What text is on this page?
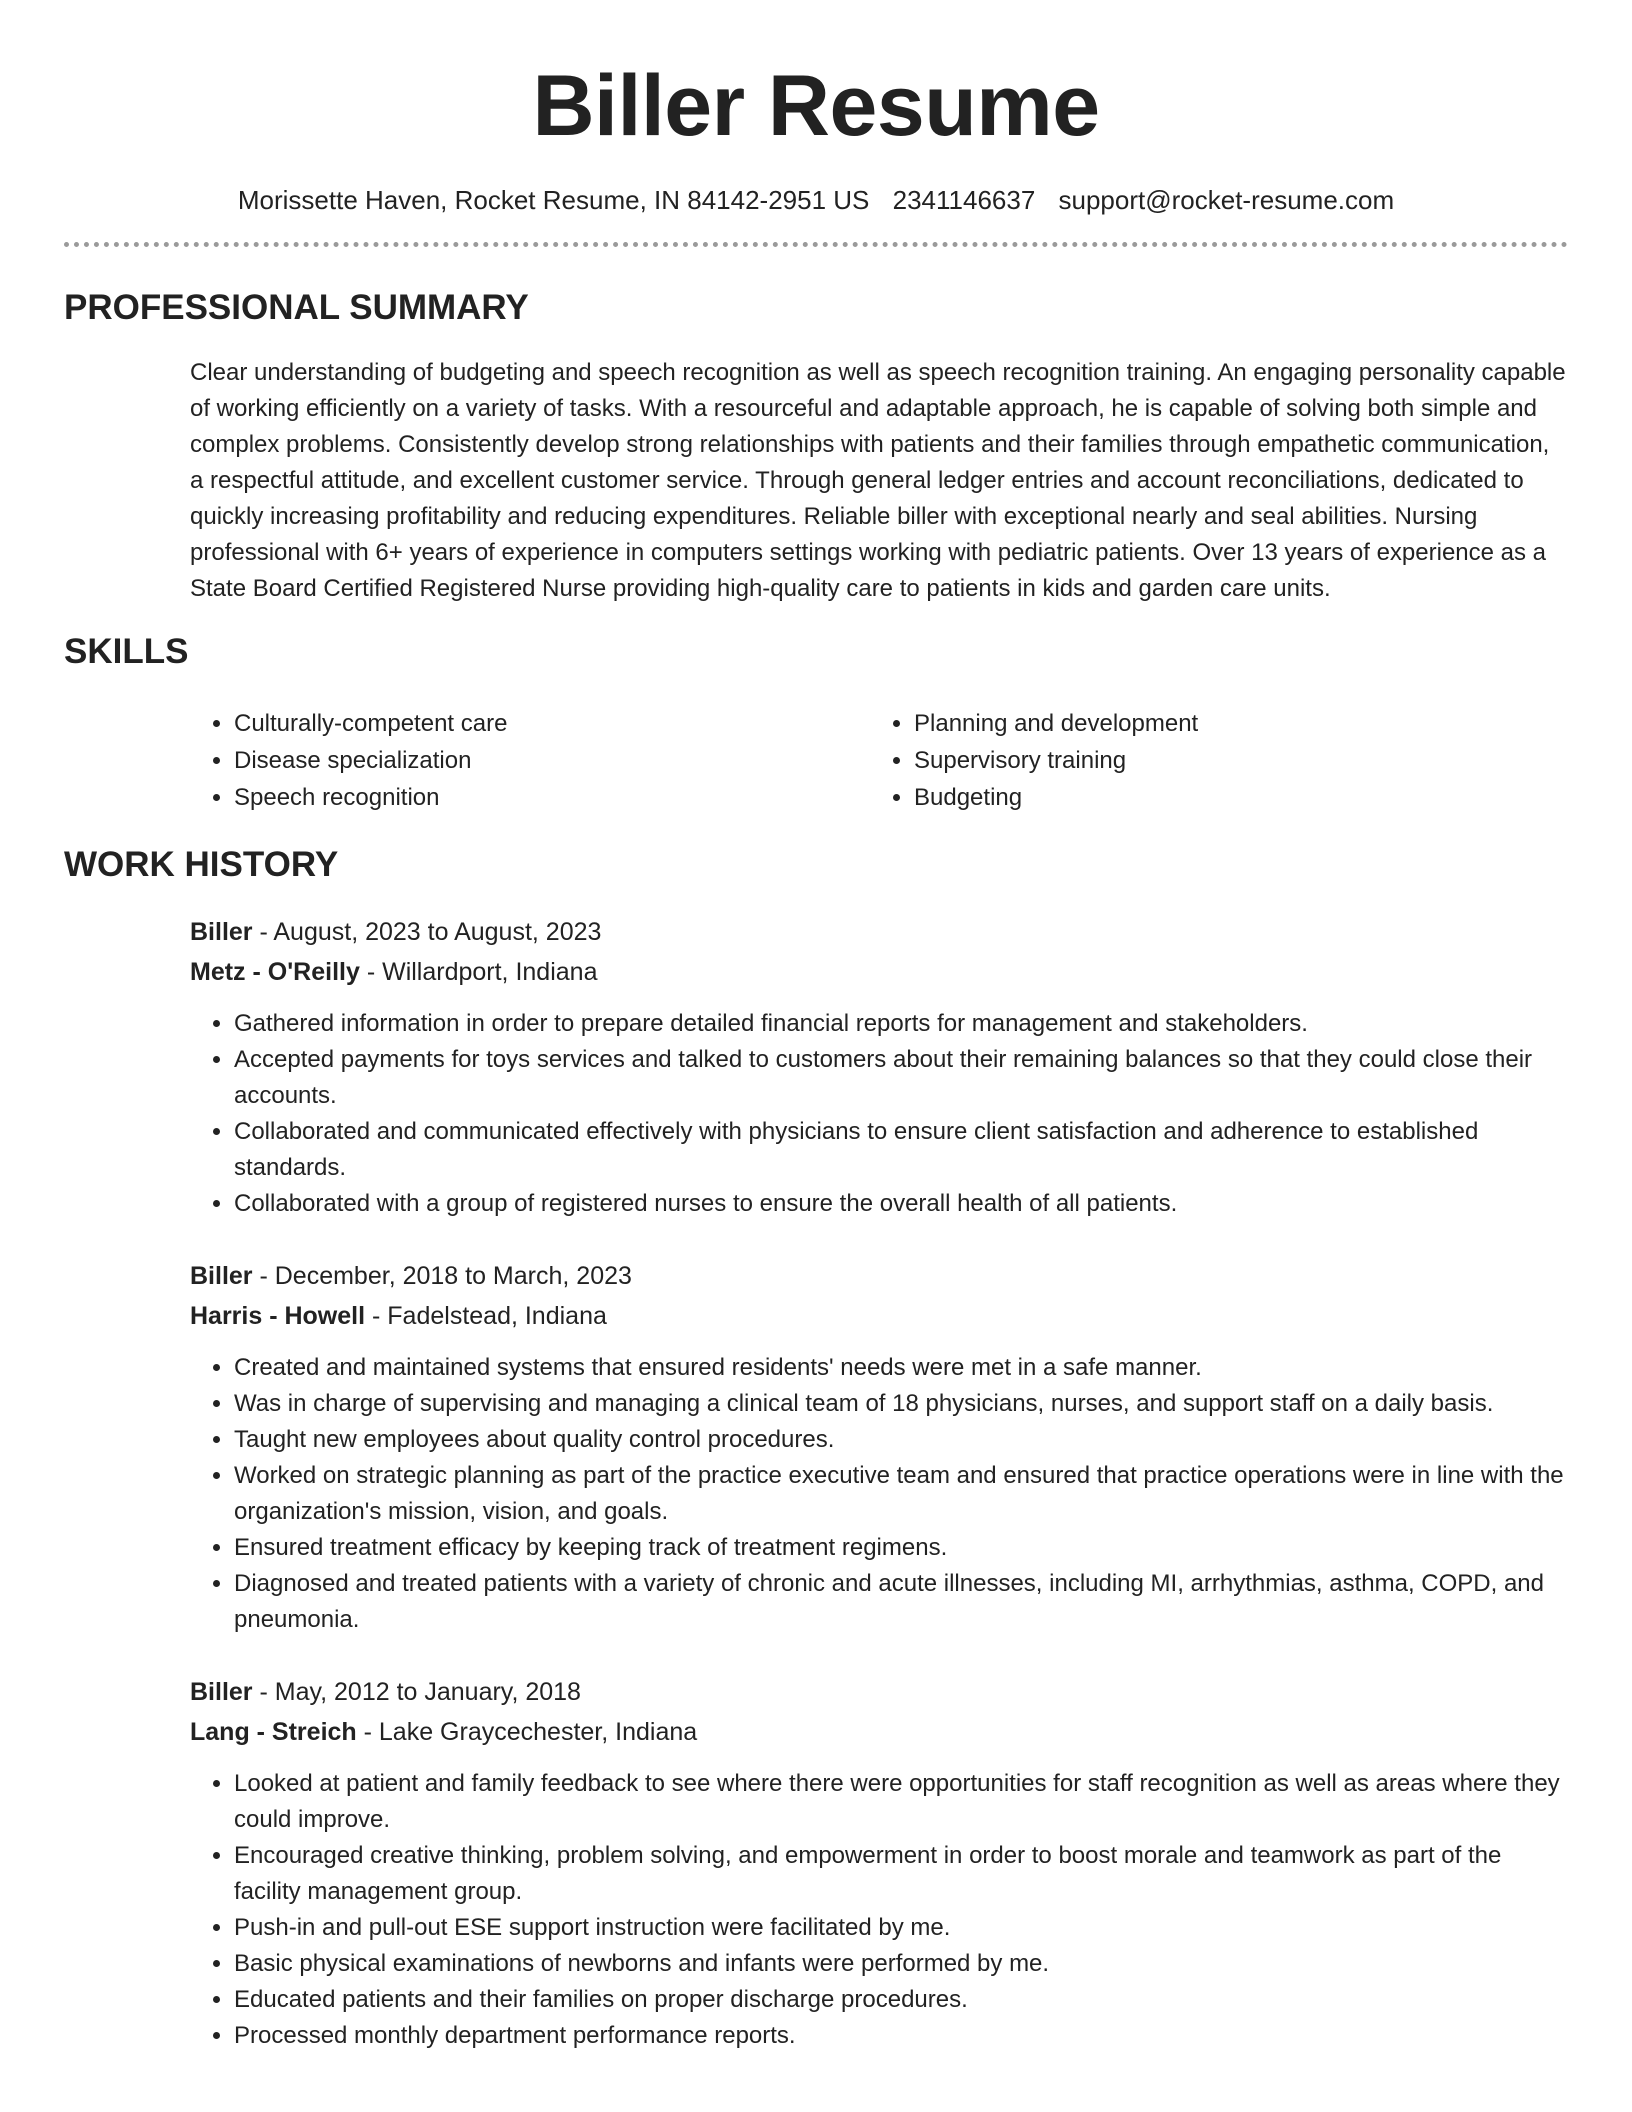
Biller Resume
Morissette Haven, Rocket Resume, IN 84142-2951 US 2341146637 support@rocket-resume.com
PROFESSIONAL SUMMARY
Clear understanding of budgeting and speech recognition as well as speech recognition training. An engaging personality capable of working efficiently on a variety of tasks. With a resourceful and adaptable approach, he is capable of solving both simple and complex problems. Consistently develop strong relationships with patients and their families through empathetic communication, a respectful attitude, and excellent customer service. Through general ledger entries and account reconciliations, dedicated to quickly increasing profitability and reducing expenditures. Reliable biller with exceptional nearly and seal abilities. Nursing professional with 6+ years of experience in computers settings working with pediatric patients. Over 13 years of experience as a State Board Certified Registered Nurse providing high-quality care to patients in kids and garden care units.
SKILLS
• Culturally-competent care
• Disease specialization
• Speech recognition
• Planning and development
• Supervisory training
• Budgeting
WORK HISTORY
Biller - August, 2023 to August, 2023
Metz - O'Reilly - Willardport, Indiana
• Gathered information in order to prepare detailed financial reports for management and stakeholders.
• Accepted payments for toys services and talked to customers about their remaining balances so that they could close their accounts.
• Collaborated and communicated effectively with physicians to ensure client satisfaction and adherence to established standards.
• Collaborated with a group of registered nurses to ensure the overall health of all patients.
Biller - December, 2018 to March, 2023
Harris - Howell - Fadelstead, Indiana
• Created and maintained systems that ensured residents' needs were met in a safe manner.
• Was in charge of supervising and managing a clinical team of 18 physicians, nurses, and support staff on a daily basis.
• Taught new employees about quality control procedures.
• Worked on strategic planning as part of the practice executive team and ensured that practice operations were in line with the organization's mission, vision, and goals.
• Ensured treatment efficacy by keeping track of treatment regimens.
• Diagnosed and treated patients with a variety of chronic and acute illnesses, including MI, arrhythmias, asthma, COPD, and pneumonia.
Biller - May, 2012 to January, 2018
Lang - Streich - Lake Graycechester, Indiana
• Looked at patient and family feedback to see where there were opportunities for staff recognition as well as areas where they could improve.
• Encouraged creative thinking, problem solving, and empowerment in order to boost morale and teamwork as part of the facility management group.
• Push-in and pull-out ESE support instruction were facilitated by me.
• Basic physical examinations of newborns and infants were performed by me.
• Educated patients and their families on proper discharge procedures.
• Processed monthly department performance reports.
